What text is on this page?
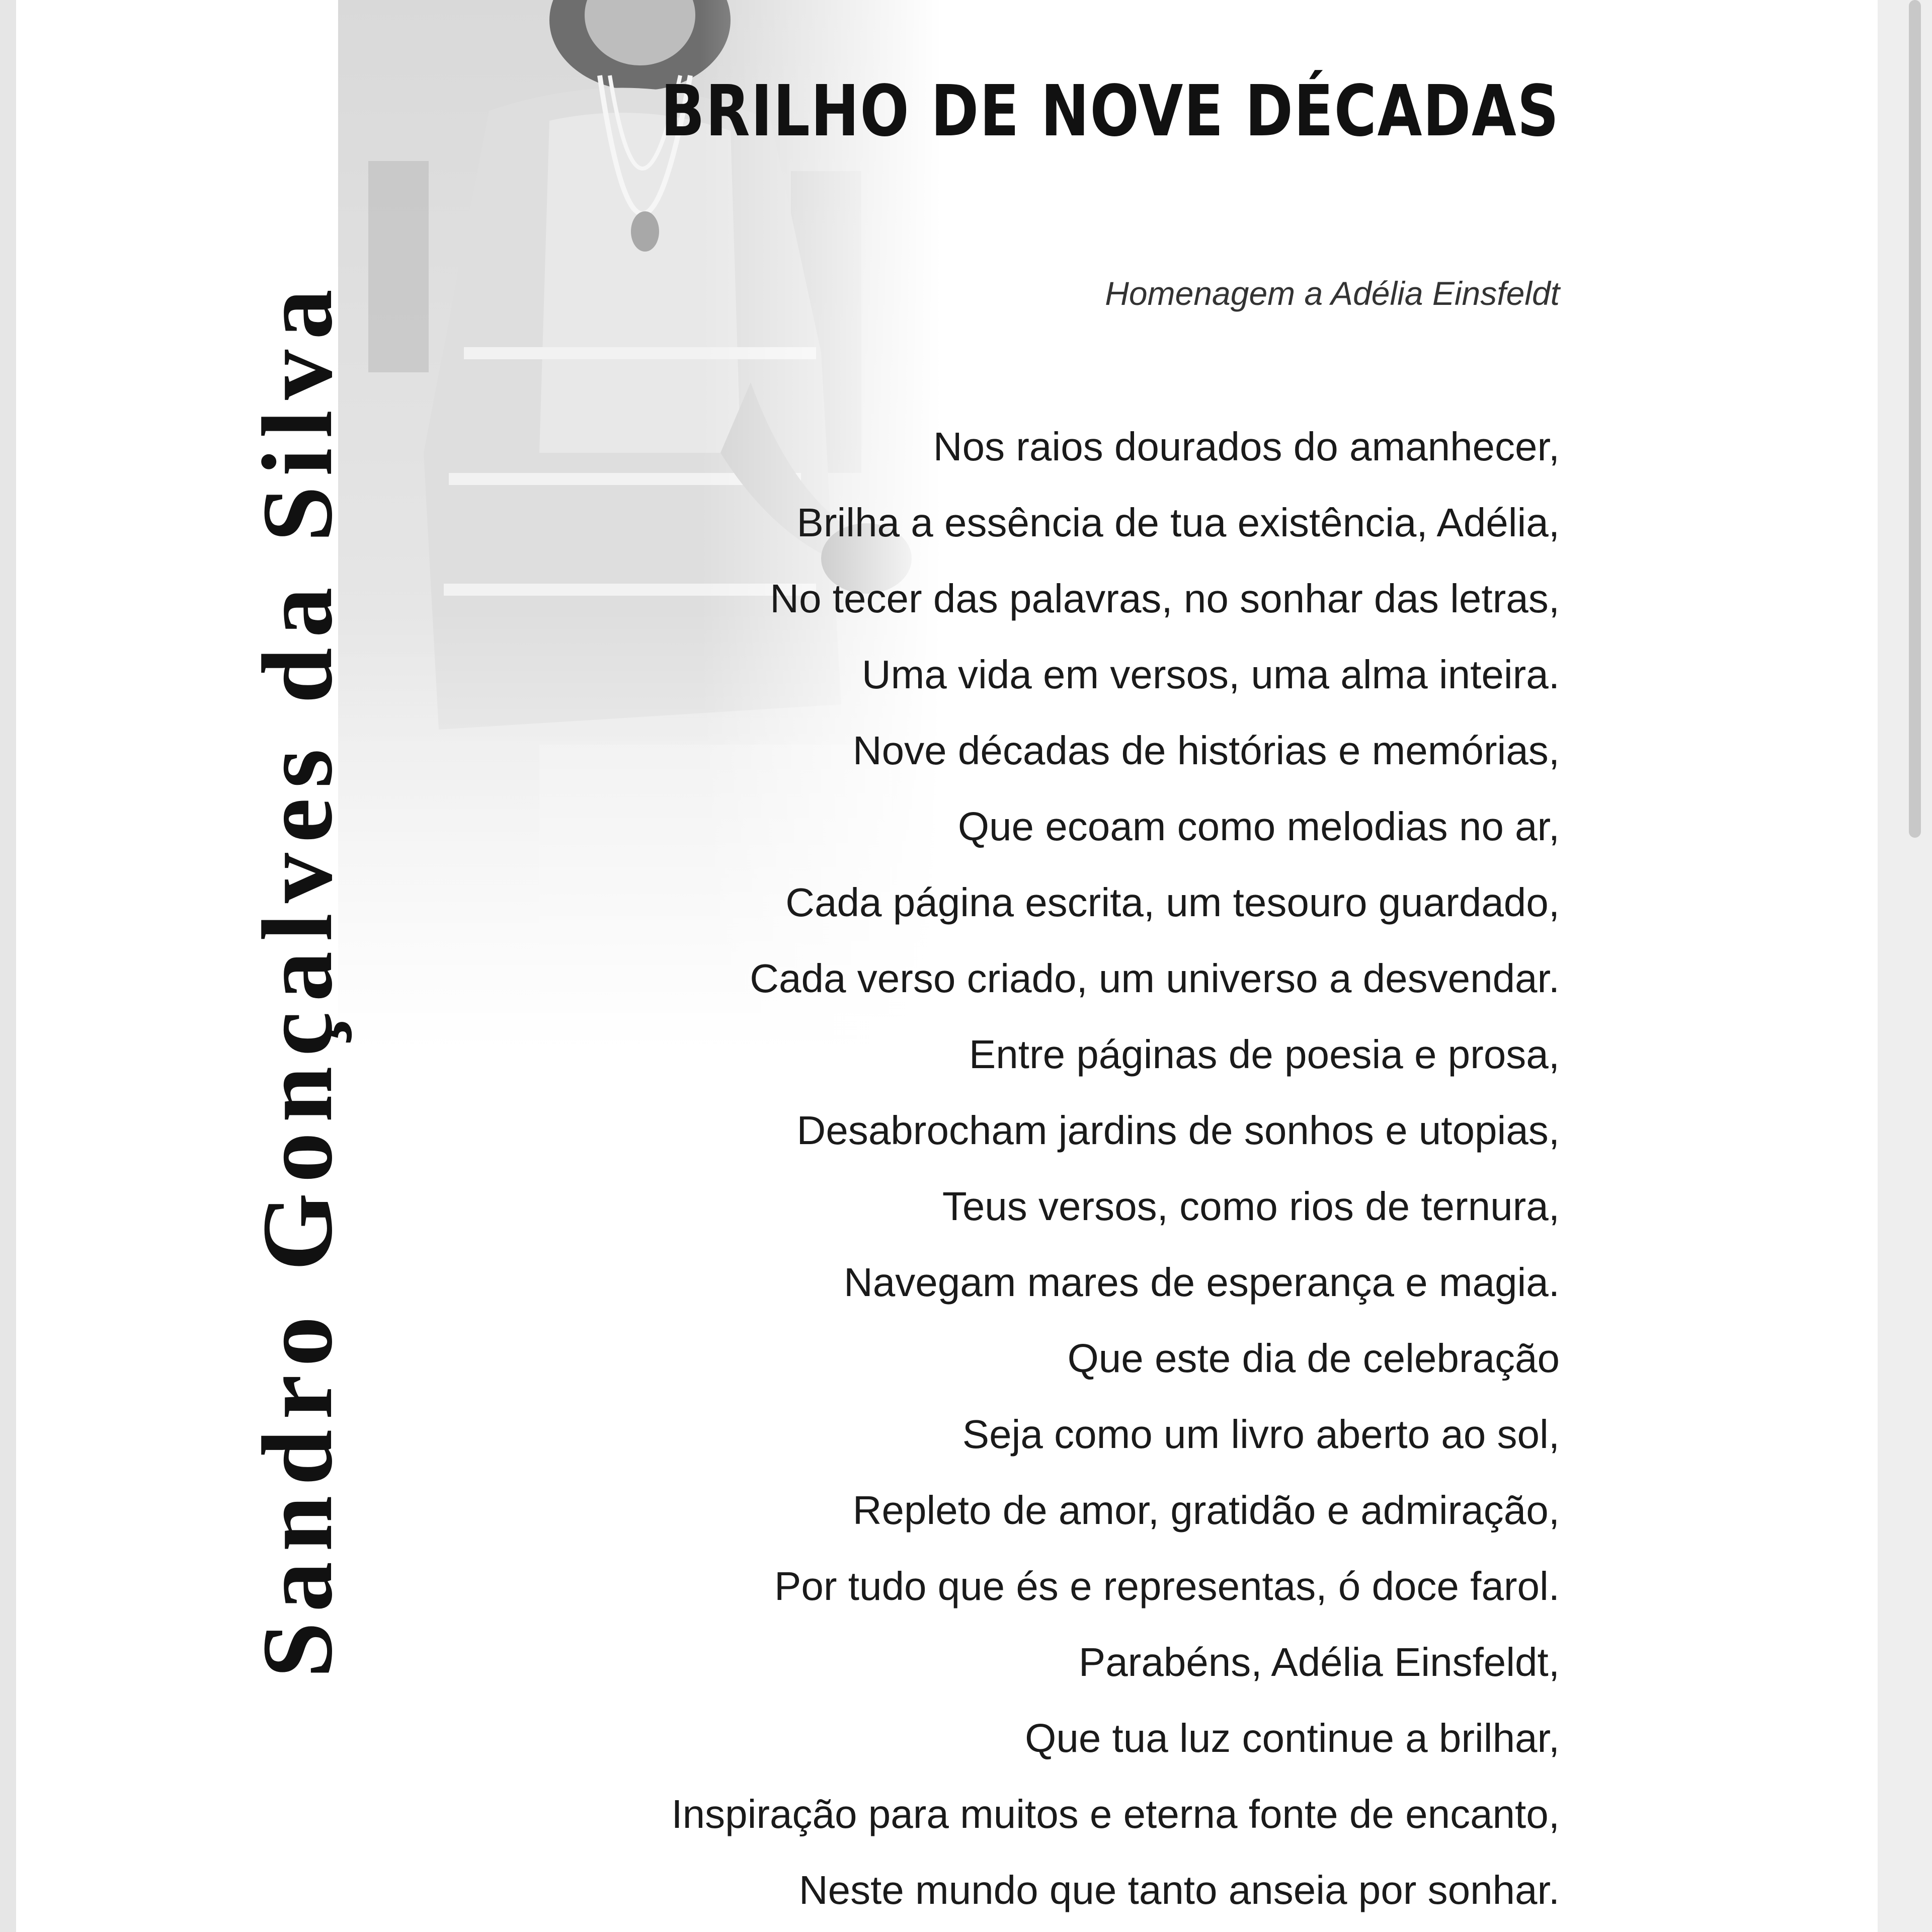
Sandro Gonçalves da Silva
BRILHO DE NOVE DÉCADAS
Homenagem a Adélia Einsfeldt
Nos raios dourados do amanhecer,
Brilha a essência de tua existência, Adélia,
No tecer das palavras, no sonhar das letras,
Uma vida em versos, uma alma inteira.
Nove décadas de histórias e memórias,
Que ecoam como melodias no ar,
Cada página escrita, um tesouro guardado,
Cada verso criado, um universo a desvendar.
Entre páginas de poesia e prosa,
Desabrocham jardins de sonhos e utopias,
Teus versos, como rios de ternura,
Navegam mares de esperança e magia.
Que este dia de celebração
Seja como um livro aberto ao sol,
Repleto de amor, gratidão e admiração,
Por tudo que és e representas, ó doce farol.
Parabéns, Adélia Einsfeldt,
Que tua luz continue a brilhar,
Inspiração para muitos e eterna fonte de encanto,
Neste mundo que tanto anseia por sonhar.
